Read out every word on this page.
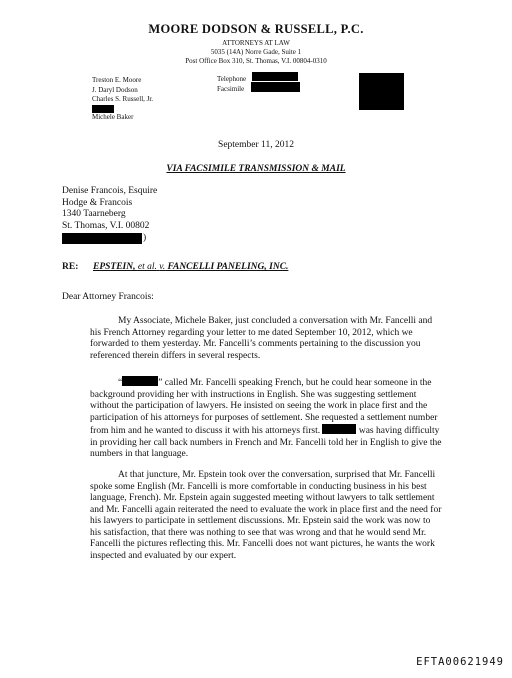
MOORE DODSON & RUSSELL, P.C.
ATTORNEYS AT LAW
5035 (14A) Norre Gade, Suite 1
Post Office Box 310, St. Thomas, V.I. 00804-0310
Treston E. Moore
J. Daryl Dodson
Charles S. Russell, Jr.
Michele Baker
Telephone
Facsimile
September 11, 2012
VIA FACSIMILE TRANSMISSION & MAIL
Denise Francois, Esquire
Hodge & Francois
1340 Taarneberg
St. Thomas, V.I. 00802
)
RE: EPSTEIN, et al. v. FANCELLI PANELING, INC.
Dear Attorney Francois:

My Associate, Michele Baker, just concluded a conversation with Mr. Fancelli and his French Attorney regarding your letter to me dated September 10, 2012, which we forwarded to them yesterday. Mr. Fancelli’s comments pertaining to the discussion you referenced therein differs in several respects.

“	” called Mr. Fancelli speaking French, but he could hear someone in the background providing her with instructions in English. She was suggesting settlement without the participation of lawyers. He insisted on seeing the work in place first and the participation of his attorneys for purposes of settlement. She requested a settlement number from him and he wanted to discuss it with his attorneys first.	was having difficulty in providing her call back numbers in French and Mr. Fancelli told her in English to give the numbers in that language.

At that juncture, Mr. Epstein took over the conversation, surprised that Mr. Fancelli spoke some English (Mr. Fancelli is more comfortable in conducting business in his best language, French). Mr. Epstein again suggested meeting without lawyers to talk settlement and Mr. Fancelli again reiterated the need to evaluate the work in place first and the need for his lawyers to participate in settlement discussions. Mr. Epstein said the work was now to his satisfaction, that there was nothing to see that was wrong and that he would send Mr. Fancelli the pictures reflecting this. Mr. Fancelli does not want pictures, he wants the work inspected and evaluated by our expert.

EFTA00621949
